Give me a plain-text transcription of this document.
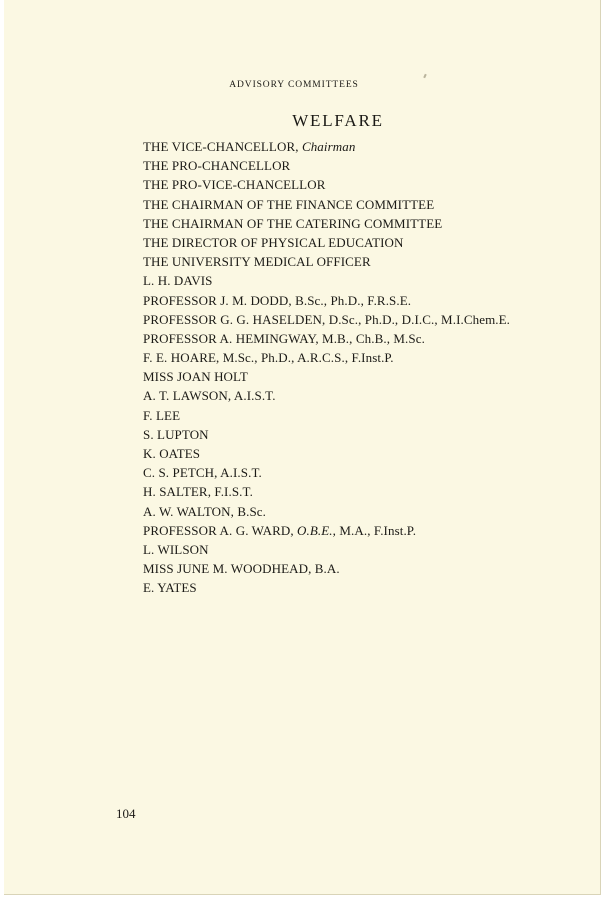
ADVISORY COMMITTEES
WELFARE
THE VICE-CHANCELLOR, Chairman
THE PRO-CHANCELLOR
THE PRO-VICE-CHANCELLOR
THE CHAIRMAN OF THE FINANCE COMMITTEE
THE CHAIRMAN OF THE CATERING COMMITTEE
THE DIRECTOR OF PHYSICAL EDUCATION
THE UNIVERSITY MEDICAL OFFICER
L. H. DAVIS
PROFESSOR J. M. DODD, B.Sc., Ph.D., F.R.S.E.
PROFESSOR G. G. HASELDEN, D.Sc., Ph.D., D.I.C., M.I.Chem.E.
PROFESSOR A. HEMINGWAY, M.B., Ch.B., M.Sc.
F. E. HOARE, M.Sc., Ph.D., A.R.C.S., F.Inst.P.
MISS JOAN HOLT
A. T. LAWSON, A.I.S.T.
F. LEE
S. LUPTON
K. OATES
C. S. PETCH, A.I.S.T.
H. SALTER, F.I.S.T.
A. W. WALTON, B.Sc.
PROFESSOR A. G. WARD, O.B.E., M.A., F.Inst.P.
L. WILSON
MISS JUNE M. WOODHEAD, B.A.
E. YATES
104
